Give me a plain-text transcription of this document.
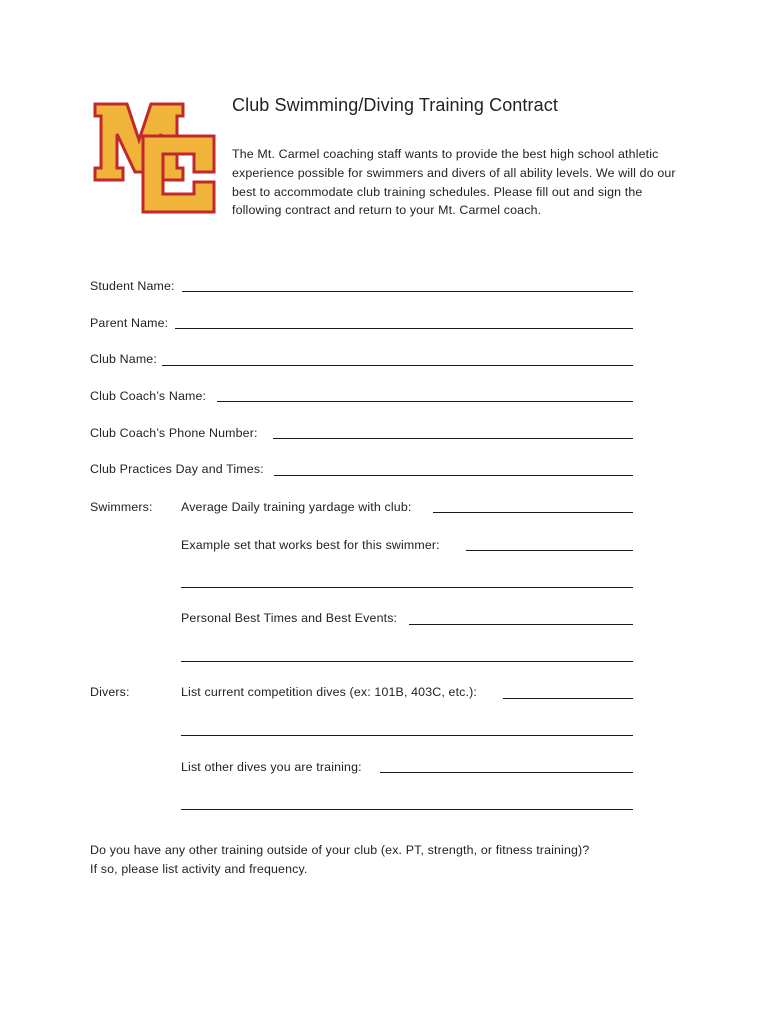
Club Swimming/Diving Training Contract
The Mt. Carmel coaching staff wants to provide the best high school athletic experience possible for swimmers and divers of all ability levels. We will do our best to accommodate club training schedules. Please fill out and sign the following contract and return to your Mt. Carmel coach.
Student Name:
Parent Name:
Club Name:
Club Coach’s Name:
Club Coach’s Phone Number:
Club Practices Day and Times:
Swimmers: Average Daily training yardage with club:
Example set that works best for this swimmer:
Personal Best Times and Best Events:
Divers:	List current competition dives (ex: 101B, 403C, etc.):
List other dives you are training:
Do you have any other training outside of your club (ex. PT, strength, or fitness training)?
If so, please list activity and frequency.
